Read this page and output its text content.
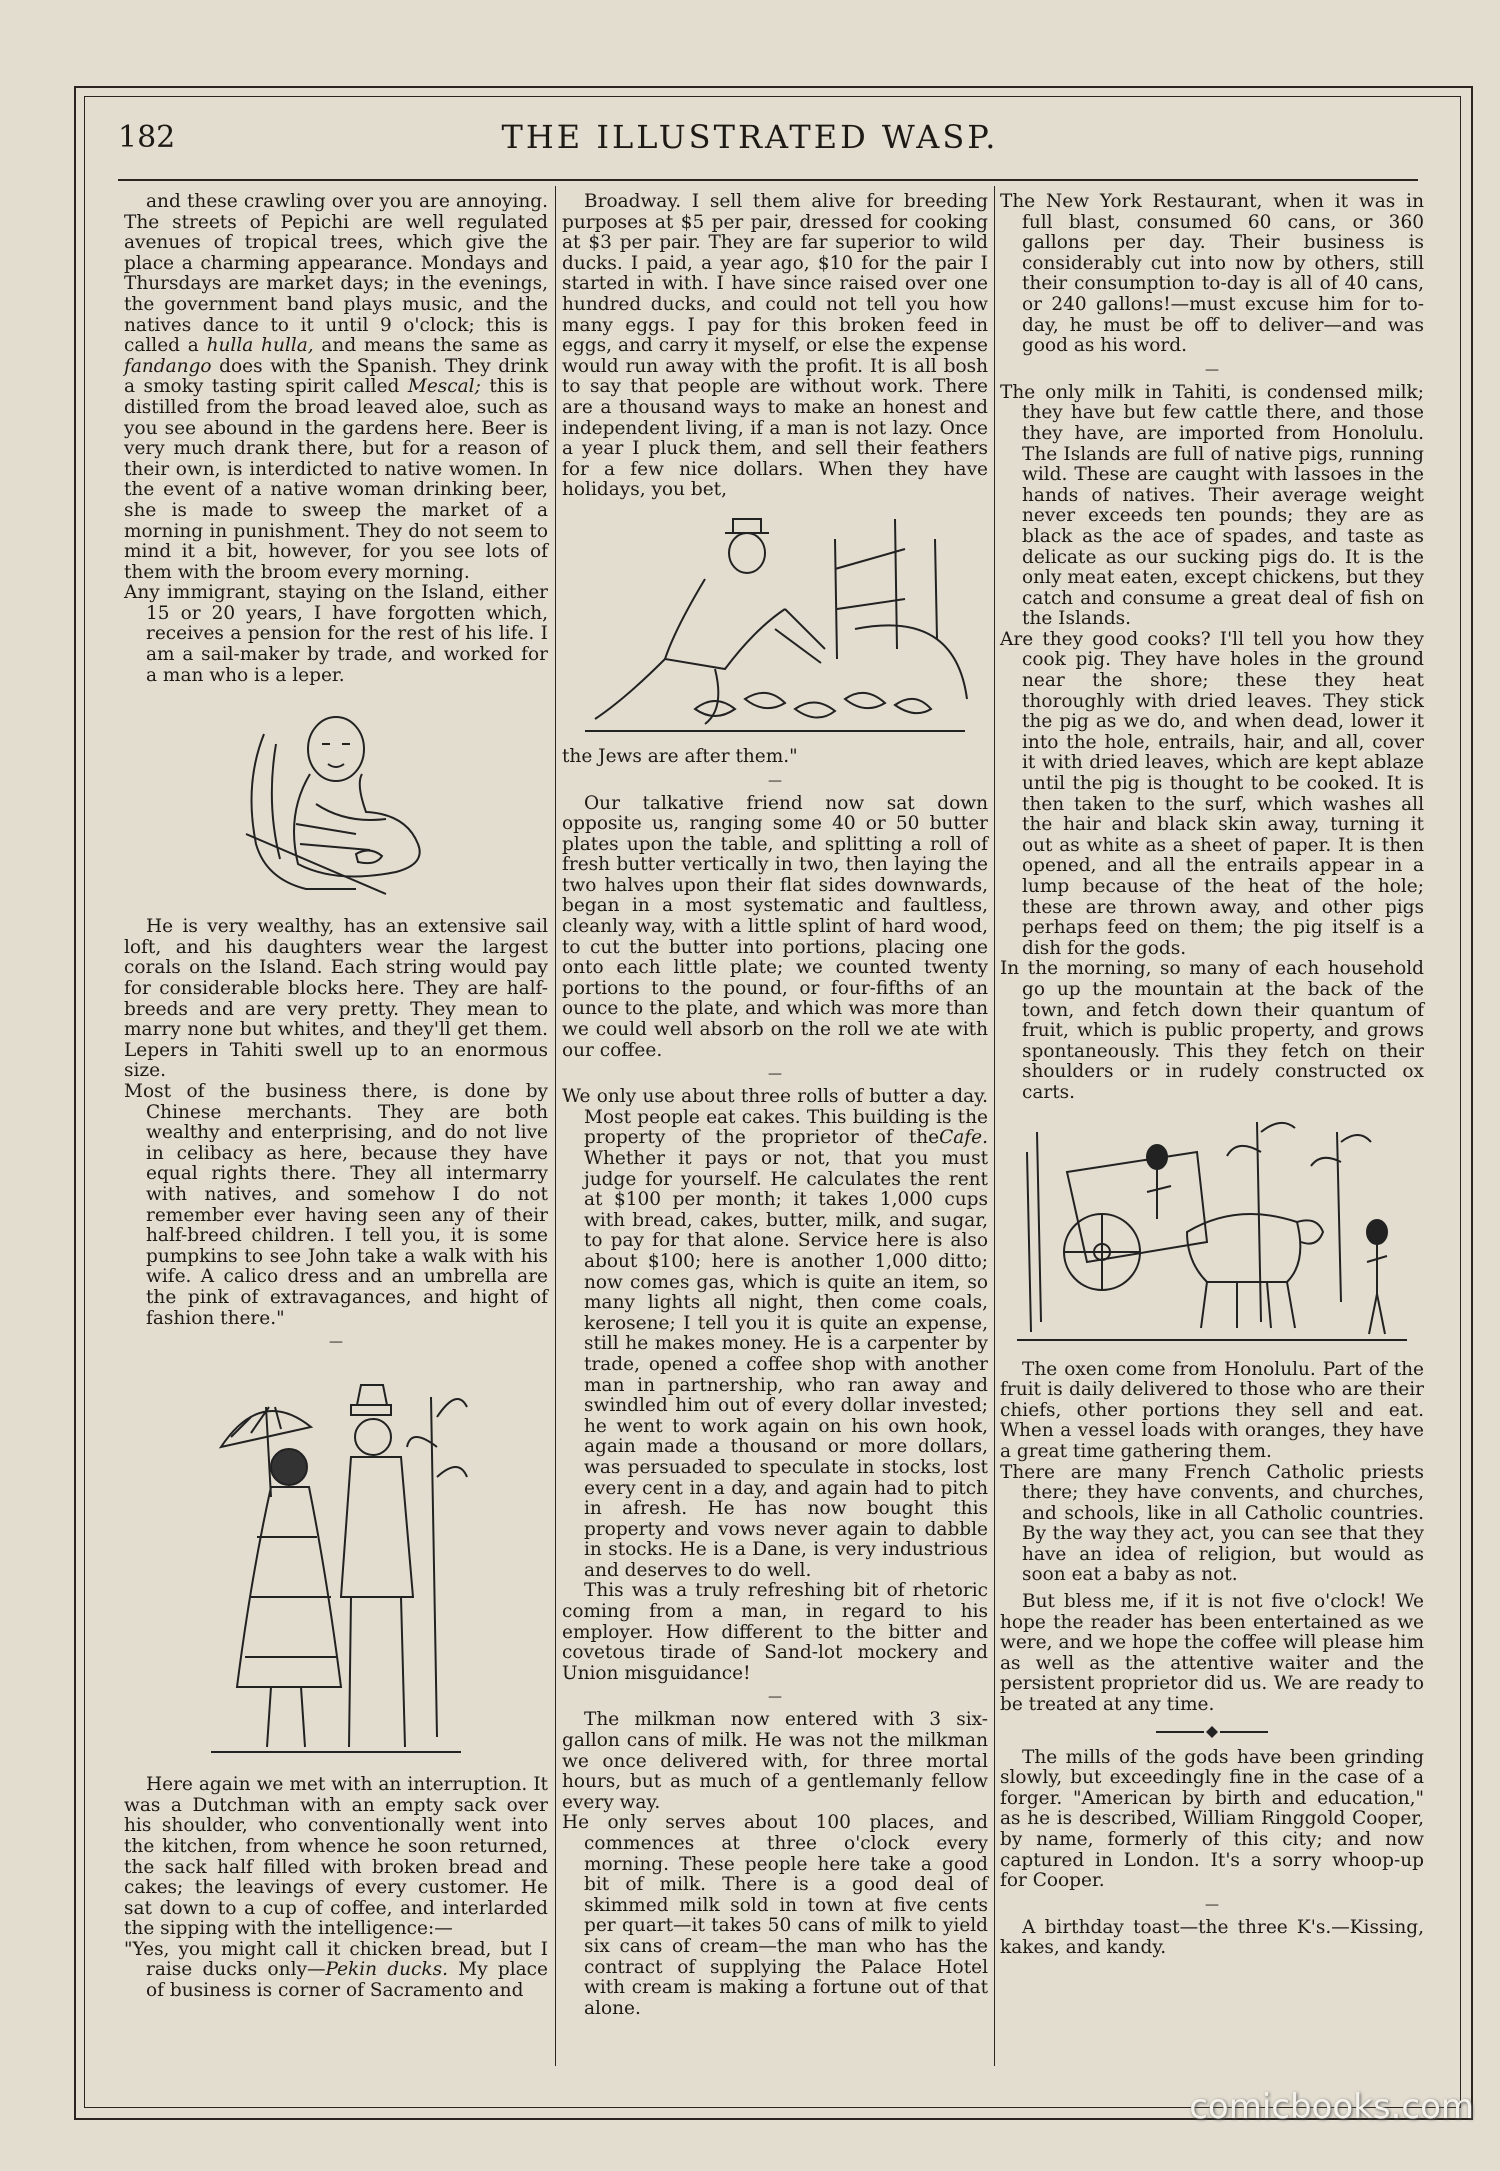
182	THE ILLUSTRATED WASP.

and these crawling over you are annoying. The streets of Pepichi are well regulated avenues of tropical trees, which give the place a charming appearance. Mondays and Thursdays are market days; in the evenings, the government band plays music, and the natives dance to it until 9 o'clock; this is called a hulla hulla, and means the same as fandango does with the Spanish. They drink a smoky tasting spirit called Mescal; this is distilled from the broad leaved aloe, such as you see abound in the gardens here. Beer is very much drank there, but for a reason of their own, is interdicted to native women. In the event of a native woman drinking beer, she is made to sweep the market of a morning in punishment. They do not seem to mind it a bit, however, for you see lots of them with the broom every morning.

Any immigrant, staying on the Island, either 15 or 20 years, I have forgotten which, receives a pension for the rest of his life. I am a sail-maker by trade, and worked for a man who is a leper.

He is very wealthy, has an extensive sail loft, and his daughters wear the largest corals on the Island. Each string would pay for considerable blocks here. They are half-breeds and are very pretty. They mean to marry none but whites, and they'll get them. Lepers in Tahiti swell up to an enormous size.

Most of the business there, is done by Chinese merchants. They are both wealthy and enterprising, and do not live in celibacy as here, because they have equal rights there. They all intermarry with natives, and somehow I do not remember ever having seen any of their half-breed children. I tell you, it is some pumpkins to see John take a walk with his wife. A calico dress and an umbrella are the pink of extravagances, and hight of fashion there."

—

Here again we met with an interruption. It was a Dutchman with an empty sack over his shoulder, who conventionally went into the kitchen, from whence he soon returned, the sack half filled with broken bread and cakes; the leavings of every customer. He sat down to a cup of coffee, and interlarded the sipping with the intelligence:—

"Yes, you might call it chicken bread, but I raise ducks only—Pekin ducks. My place of business is corner of Sacramento and

Broadway. I sell them alive for breeding purposes at $5 per pair, dressed for cooking at $3 per pair. They are far superior to wild ducks. I paid, a year ago, $10 for the pair I started in with. I have since raised over one hundred ducks, and could not tell you how many eggs. I pay for this broken feed in eggs, and carry it myself, or else the expense would run away with the profit. It is all bosh to say that people are without work. There are a thousand ways to make an honest and independent living, if a man is not lazy. Once a year I pluck them, and sell their feathers for a few nice dollars. When they have holidays, you bet,

the Jews are after them."

—

Our talkative friend now sat down opposite us, ranging some 40 or 50 butter plates upon the table, and splitting a roll of fresh butter vertically in two, then laying the two halves upon their flat sides downwards, began in a most systematic and faultless, cleanly way, with a little splint of hard wood, to cut the butter into portions, placing one onto each little plate; we counted twenty portions to the pound, or four-fifths of an ounce to the plate, and which was more than we could well absorb on the roll we ate with our coffee.

—

We only use about three rolls of butter a day. Most people eat cakes. This building is the property of the proprietor of theCafe. Whether it pays or not, that you must judge for yourself. He calculates the rent at $100 per month; it takes 1,000 cups with bread, cakes, butter, milk, and sugar, to pay for that alone. Service here is also about $100; here is another 1,000 ditto; now comes gas, which is quite an item, so many lights all night, then come coals, kerosene; I tell you it is quite an expense, still he makes money. He is a carpenter by trade, opened a coffee shop with another man in partnership, who ran away and swindled him out of every dollar invested; he went to work again on his own hook, again made a thousand or more dollars, was persuaded to speculate in stocks, lost every cent in a day, and again had to pitch in afresh. He has now bought this property and vows never again to dabble in stocks. He is a Dane, is very industrious and deserves to do well.

This was a truly refreshing bit of rhetoric coming from a man, in regard to his employer. How different to the bitter and covetous tirade of Sand-lot mockery and Union misguidance!

—

The milkman now entered with 3 six-gallon cans of milk. He was not the milkman we once delivered with, for three mortal hours, but as much of a gentlemanly fellow every way.

He only serves about 100 places, and commences at three o'clock every morning. These people here take a good bit of milk. There is a good deal of skimmed milk sold in town at five cents per quart—it takes 50 cans of milk to yield six cans of cream—the man who has the contract of supplying the Palace Hotel with cream is making a fortune out of that alone.

The New York Restaurant, when it was in full blast, consumed 60 cans, or 360 gallons per day. Their business is considerably cut into now by others, still their consumption to-day is all of 40 cans, or 240 gallons!—must excuse him for to-day, he must be off to deliver—and was good as his word.

—

The only milk in Tahiti, is condensed milk; they have but few cattle there, and those they have, are imported from Honolulu. The Islands are full of native pigs, running wild. These are caught with lassoes in the hands of natives. Their average weight never exceeds ten pounds; they are as black as the ace of spades, and taste as delicate as our sucking pigs do. It is the only meat eaten, except chickens, but they catch and consume a great deal of fish on the Islands.

Are they good cooks? I'll tell you how they cook pig. They have holes in the ground near the shore; these they heat thoroughly with dried leaves. They stick the pig as we do, and when dead, lower it into the hole, entrails, hair, and all, cover it with dried leaves, which are kept ablaze until the pig is thought to be cooked. It is then taken to the surf, which washes all the hair and black skin away, turning it out as white as a sheet of paper. It is then opened, and all the entrails appear in a lump because of the heat of the hole; these are thrown away, and other pigs perhaps feed on them; the pig itself is a dish for the gods.

In the morning, so many of each household go up the mountain at the back of the town, and fetch down their quantum of fruit, which is public property, and grows spontaneously. This they fetch on their shoulders or in rudely constructed ox carts.

The oxen come from Honolulu. Part of the fruit is daily delivered to those who are their chiefs, other portions they sell and eat. When a vessel loads with oranges, they have a great time gathering them.

There are many French Catholic priests there; they have convents, and churches, and schools, like in all Catholic countries. By the way they act, you can see that they have an idea of religion, but would as soon eat a baby as not.

But bless me, if it is not five o'clock! We hope the reader has been entertained as we were, and we hope the coffee will please him as well as the attentive waiter and the persistent proprietor did us. We are ready to be treated at any time.

The mills of the gods have been grinding slowly, but exceedingly fine in the case of a forger. "American by birth and education," as he is described, William Ringgold Cooper, by name, formerly of this city; and now captured in London. It's a sorry whoop-up for Cooper.

—

A birthday toast—the three K's.—Kissing, kakes, and kandy.

comicbooks.com
